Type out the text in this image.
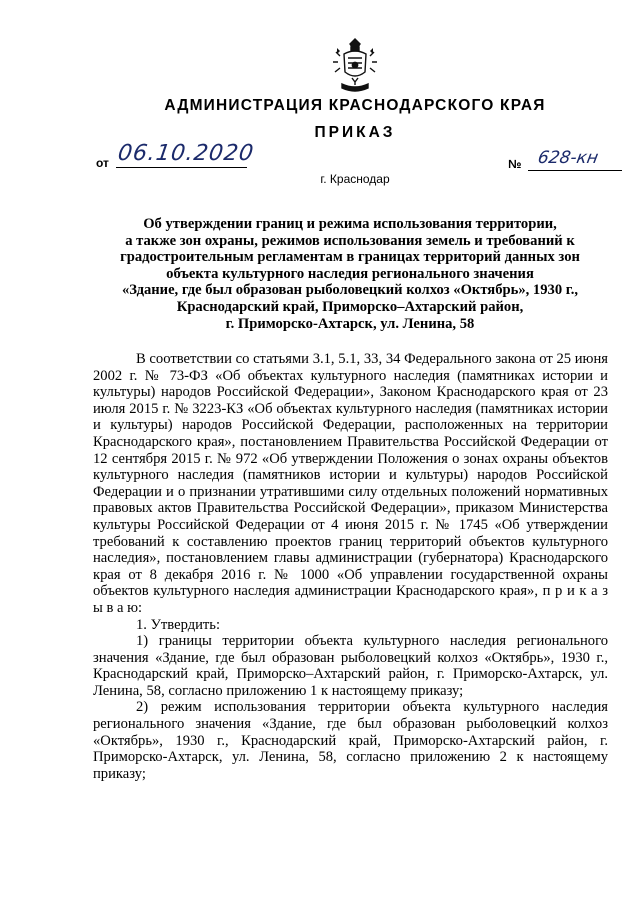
АДМИНИСТРАЦИЯ КРАСНОДАРСКОГО КРАЯ
ПРИКАЗ
от 06.10.2020	№ 628-кн
г. Краснодар
Об утверждении границ и режима использования территории,
а также зон охраны, режимов использования земель и требований к
градостроительным регламентам в границах территорий данных зон
объекта культурного наследия регионального значения
«Здание, где был образован рыболовецкий колхоз «Октябрь», 1930 г.,
Краснодарский край, Приморско–Ахтарский район,
г. Приморско-Ахтарск, ул. Ленина, 58

В соответствии со статьями 3.1, 5.1, 33, 34 Федерального закона от 25 июня 2002 г. № 73-ФЗ «Об объектах культурного наследия (памятниках истории и культуры) народов Российской Федерации», Законом Краснодарского края от 23 июля 2015 г. № 3223-КЗ «Об объектах культурного наследия (памятниках истории и культуры) народов Российской Федерации, расположенных на территории Краснодарского края», постановлением Правительства Российской Федерации от 12 сентября 2015 г. № 972 «Об утверждении Положения о зонах охраны объектов культурного наследия (памятников истории и культуры) народов Российской Федерации и о признании утратившими силу отдельных положений нормативных правовых актов Правительства Российской Федерации», приказом Министерства культуры Российской Федерации от 4 июня 2015 г. № 1745 «Об утверждении требований к составлению проектов границ территорий объектов культурного наследия», постановлением главы администрации (губернатора) Краснодарского края от 8 декабря 2016 г. № 1000 «Об управлении государственной охраны объектов культурного наследия администрации Краснодарского края», п р и к а з ы в а ю:

1. Утвердить:

1) границы территории объекта культурного наследия регионального значения «Здание, где был образован рыболовецкий колхоз «Октябрь», 1930 г., Краснодарский край, Приморско–Ахтарский район, г. Приморско-Ахтарск, ул. Ленина, 58, согласно приложению 1 к настоящему приказу;

2) режим использования территории объекта культурного наследия регионального значения «Здание, где был образован рыболовецкий колхоз «Октябрь», 1930 г., Краснодарский край, Приморско-Ахтарский район, г. Приморско-Ахтарск, ул. Ленина, 58, согласно приложению 2 к настоящему приказу;
